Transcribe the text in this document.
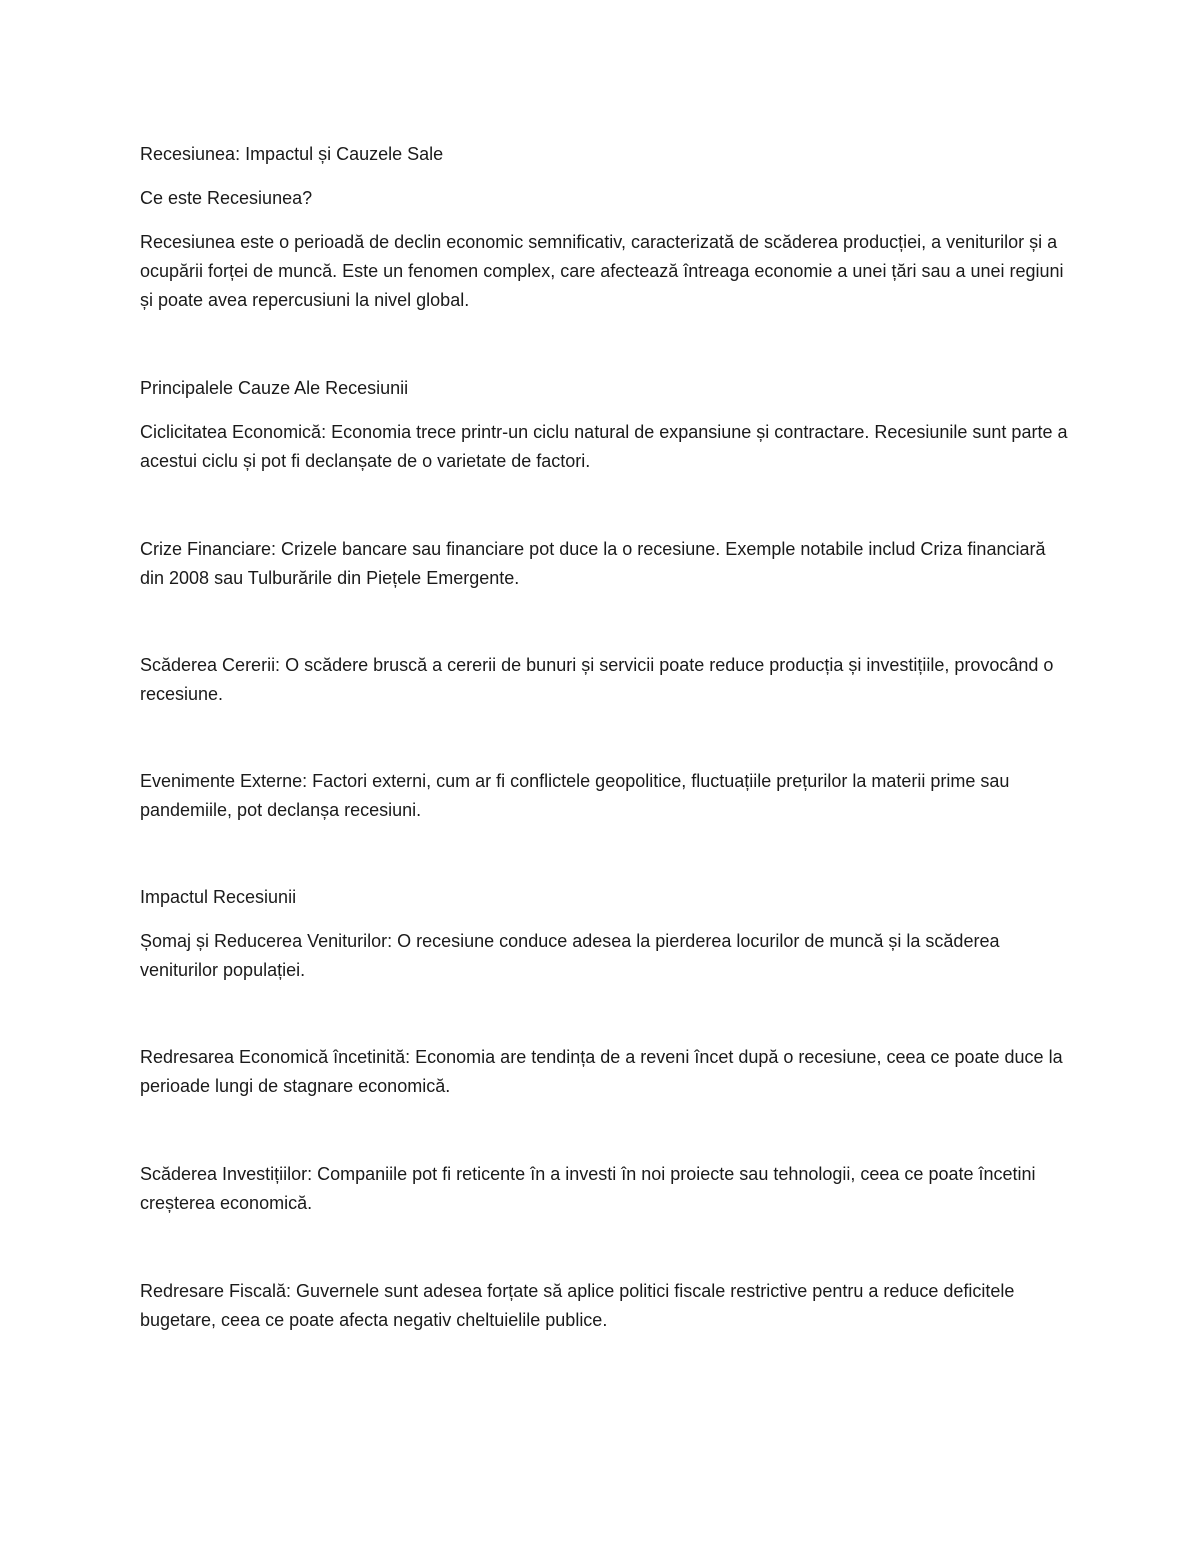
Recesiunea: Impactul și Cauzele Sale

Ce este Recesiunea?

Recesiunea este o perioadă de declin economic semnificativ, caracterizată de scăderea producției, a veniturilor și a ocupării forței de muncă. Este un fenomen complex, care afectează întreaga economie a unei țări sau a unei regiuni și poate avea repercusiuni la nivel global.

Principalele Cauze Ale Recesiunii

Ciclicitatea Economică: Economia trece printr-un ciclu natural de expansiune și contractare. Recesiunile sunt parte a acestui ciclu și pot fi declanșate de o varietate de factori.

Crize Financiare: Crizele bancare sau financiare pot duce la o recesiune. Exemple notabile includ Criza financiară din 2008 sau Tulburările din Piețele Emergente.

Scăderea Cererii: O scădere bruscă a cererii de bunuri și servicii poate reduce producția și investițiile, provocând o recesiune.

Evenimente Externe: Factori externi, cum ar fi conflictele geopolitice, fluctuațiile prețurilor la materii prime sau pandemiile, pot declanșa recesiuni.

Impactul Recesiunii

Șomaj și Reducerea Veniturilor: O recesiune conduce adesea la pierderea locurilor de muncă și la scăderea veniturilor populației.

Redresarea Economică încetinită: Economia are tendința de a reveni încet după o recesiune, ceea ce poate duce la perioade lungi de stagnare economică.

Scăderea Investițiilor: Companiile pot fi reticente în a investi în noi proiecte sau tehnologii, ceea ce poate încetini creșterea economică.

Redresare Fiscală: Guvernele sunt adesea forțate să aplice politici fiscale restrictive pentru a reduce deficitele bugetare, ceea ce poate afecta negativ cheltuielile publice.
